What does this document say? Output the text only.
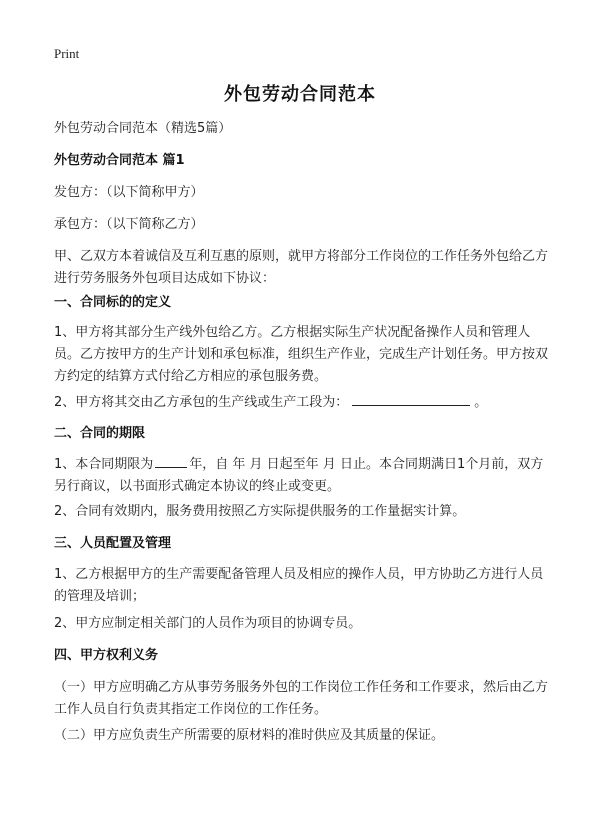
Print
外包劳动合同范本
外包劳动合同范本（精选5篇）
外包劳动合同范本 篇1
发包方：（以下简称甲方）
承包方：（以下简称乙方）
甲、乙双方本着诚信及互利互惠的原则，就甲方将部分工作岗位的工作任务外包给乙方进行劳务服务外包项目达成如下协议：
一、合同标的的定义
1、甲方将其部分生产线外包给乙方。乙方根据实际生产状况配备操作人员和管理人员。乙方按甲方的生产计划和承包标准，组织生产作业，完成生产计划任务。甲方按双方约定的结算方式付给乙方相应的承包服务费。
2、甲方将其交由乙方承包的生产线或生产工段为：	。
二、合同的期限
1、本合同期限为	年，自 年 月 日起至年 月 日止。本合同期满日1个月前，双方另行商议，以书面形式确定本协议的终止或变更。
2、合同有效期内，服务费用按照乙方实际提供服务的工作量据实计算。
三、人员配置及管理
1、乙方根据甲方的生产需要配备管理人员及相应的操作人员，甲方协助乙方进行人员的管理及培训；
2、甲方应制定相关部门的人员作为项目的协调专员。
四、甲方权利义务
（一）甲方应明确乙方从事劳务服务外包的工作岗位工作任务和工作要求，然后由乙方工作人员自行负责其指定工作岗位的工作任务。
（二）甲方应负责生产所需要的原材料的准时供应及其质量的保证。
